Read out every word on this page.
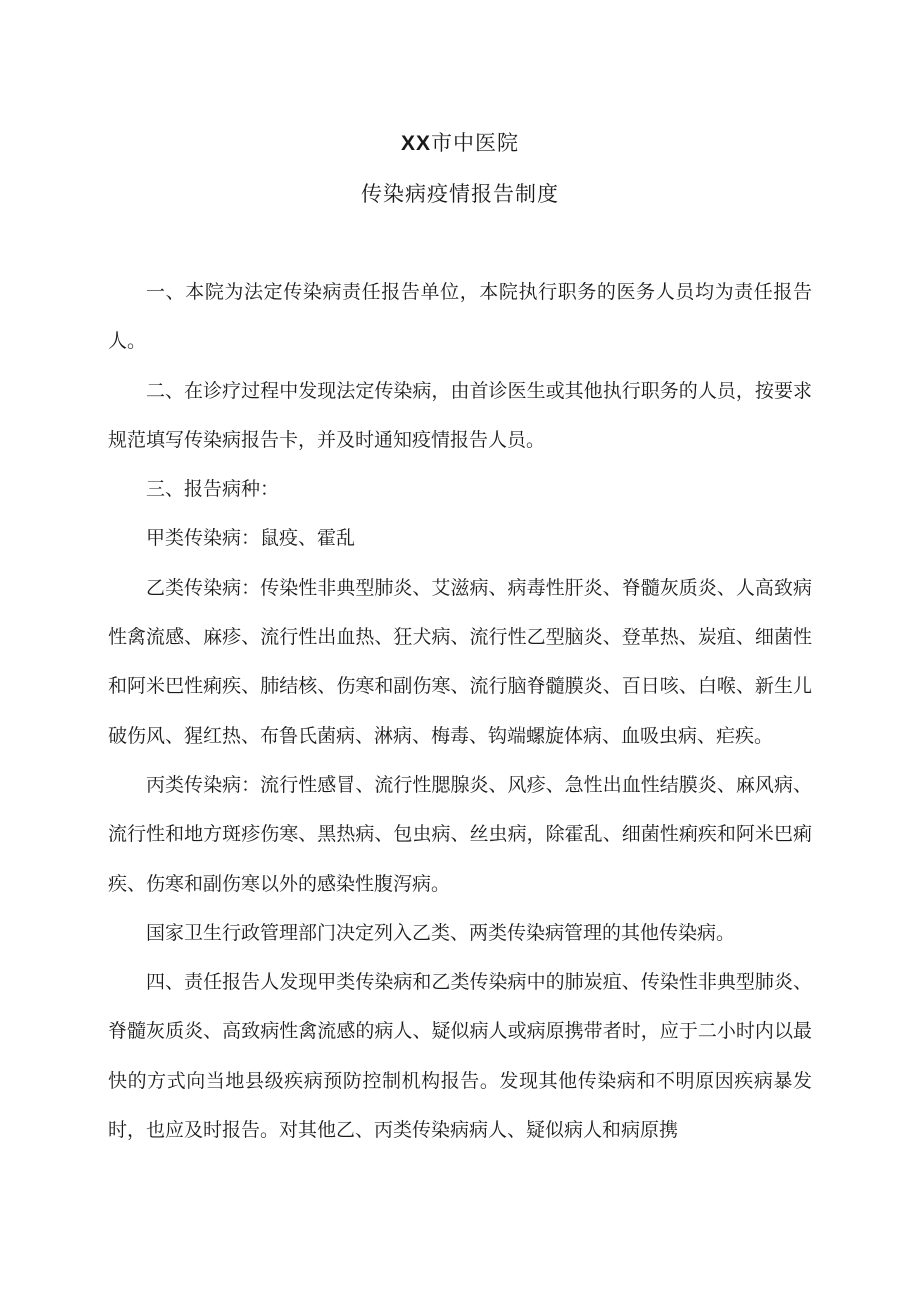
XX市中医院
传染病疫情报告制度

一、本院为法定传染病责任报告单位，本院执行职务的医务人员均为责任报告人。

二、在诊疗过程中发现法定传染病，由首诊医生或其他执行职务的人员，按要求规范填写传染病报告卡，并及时通知疫情报告人员。

三、报告病种：

甲类传染病：鼠疫、霍乱

乙类传染病：传染性非典型肺炎、艾滋病、病毒性肝炎、脊髓灰质炎、人高致病性禽流感、麻疹、流行性出血热、狂犬病、流行性乙型脑炎、登革热、炭疽、细菌性和阿米巴性痢疾、肺结核、伤寒和副伤寒、流行脑脊髓膜炎、百日咳、白喉、新生儿破伤风、猩红热、布鲁氏菌病、淋病、梅毒、钩端螺旋体病、血吸虫病、疟疾。

丙类传染病：流行性感冒、流行性腮腺炎、风疹、急性出血性结膜炎、麻风病、流行性和地方斑疹伤寒、黑热病、包虫病、丝虫病，除霍乱、细菌性痢疾和阿米巴痢疾、伤寒和副伤寒以外的感染性腹泻病。

国家卫生行政管理部门决定列入乙类、两类传染病管理的其他传染病。

四、责任报告人发现甲类传染病和乙类传染病中的肺炭疽、传染性非典型肺炎、脊髓灰质炎、高致病性禽流感的病人、疑似病人或病原携带者时，应于二小时内以最快的方式向当地县级疾病预防控制机构报告。发现其他传染病和不明原因疾病暴发时，也应及时报告。对其他乙、丙类传染病病人、疑似病人和病原携
